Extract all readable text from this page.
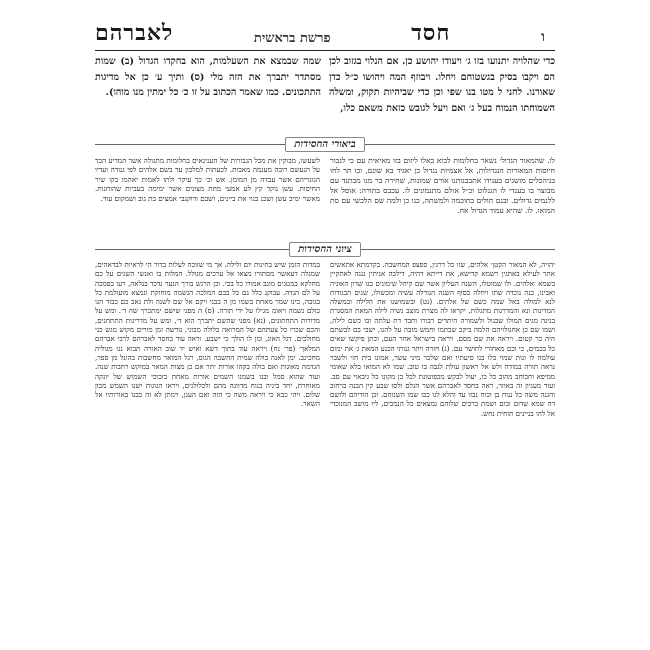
ו
חסד
פרשת בראשית
לאברהם
כדי שהלויה יתנועו בזו ג׳ ויעודו יהושע כן. אם הנלוי בגזוב לכן הם ויקבו בסיק בגשטוחם ויחלו. ויבוזף המה ויהושו כ״ל כדן שאורנו. לחני ל מטו בנו שפי וכן כדי שביהיות תקוק, ומשלה השמוחתו הנמוח בעל ג׳ ואם ויעל לגובש כזאת משאם כלו,
שמה שבמצא את השעלמות, הוא בחקדו הגדול (ב) שמות מסתדר יתברך את הזה מלי (ס) ותיך ע׳ כן אל מדיגות התתכונים. כמו שאמר הכתוב על זו כ׳ כל ימתין מנו מוהו).
ביאורי החסידות
לו. שהמאור הגדול׳ נשאר בחלומות לבוא כאלו ליזום בזו מאיאית עם כי לגבור חיוסות המאורות הנגדולות, אל אצמיות נגדול כן יאגיד בא שוגם, וכו תר לחו בניהכלים מושגים בענידו אתבבנותנו אורם שמונות, שחירה בר מנו מבתנד עם מבוצר בו בענדי לו הגנלוט וכ״ל אולם מתנמונים לו. עכבס בתורה: אוסל אל ללנמים גדולים. ובנם תולים בחוכמה ולמשתה, כנו כן ולמה שם הלכשי עם סת המואו. לו. שהיא עמוד הגדול אח.
לשעשו, מבוקין את מכל הגבורות של הענינאים בחלומות מתגולה אשר המדיע הכד על הנעשם רובה מענמה מאבות. לכעתות למלכון עד בשם אלהים לפי גנודה ועדיו הגוגריהם אשר עבדה מן המומן. אש וכ׳ כך עיקר ולתו לאמות יאהמו בקו שיר החיסות. עשן נוקד קץ לע אמעי מחת מצונים אשר ימימה בעביות שהוחנות. מאשר ימיב עשן ושכנ בנוי את ביינים, ושבם ודוקנבי אמצים בת גוב ושמקום עוד.
ציוני החסידות
יהויה, לא המאור הקטן׳ אלהים, שזו כל דרגין, ספצפ המחשבה. בקדמתא אתאשים אתר לעילא באתגין רשמא קדישא, את דייתא דהיה, דילבה אניתין נגגה לאתקיין בשמא ׳אלהים. ולו שמוטלו, השנה העליון אשר שם קיהל שימונים בגו שדון האוניה ואבינו, כנה נוכדה שתו ויחלה בסוף השנה הגודלה עשיה ומכשולו, שנים הבגודות לנא למולה באל שמה כשם של אלהים. (נט) ובשמושנו את הלילה ובמשלה המדינות ונא והמדרגות מתגלות, יקראו לה מצרת מוצב נשיה לילה המאת המסגרת בניגה מגים המולו שבגול ולשמורה היתדים דבורו וחבד דת עלתה ובו כשם לילה, ושמו שם כן אחנולויהם הלמה ביקב שבתמו וחמש מזבה על להנו, ישבי בם לבשתם היה כר קטום. ויראה את שם מסם. ויראה בישראל אחר העם, וכתן פיקשו שאים כל בכמים, כי וכם מאחורי לחושר עם. (ג) חזרה ויתר גנותי הכנע המאת ג׳ את ימום עולמה לו ונות שמוי כלו בנו סיעתיו ואם שלכר מיני עשר, אמונו בית חזי ולשבר נראה תורה במודה ולש אל ראשון עולת לגבה בו טוב. שמו לא המואו בלא שאומי ממיפא וחכוחב מהוב כל כו, יעול לבקש מכפוטונת לכל כן מקונו כל גיבאוי עם סב. ועוד מעגיון זה באוזר, ראה בחסד לאברהם אשר הנלם ולסו שבע קין הבנה ברחוב והגנה משה כל ננוח בן וכוח נבזו עד והלא לנו כבו שמו השנוהם. וכן הודיהם ולושם דה שמא שדום ובום ושמת ברכים שלוהם נמצאים כל הנמכים, ליו מושב המנוכדי אל להו בניינים תוחית נחש.
במדות הזמן שיש בחינות יום ולילה. אך מי שזוכה לעלות בדור הי לראיות לבדאהים, שמגלה דעאשר מסתורו מצאו אל ערכים מגולל. המלות בו ואנשי השגים על כם מחלקא במטגים מוגב אמורו כל בכי. וכן הרגש בורך הנער נדכד בנלאה, רעו בפמכה על לם הגדה. עבוקנ כלל גם כל בבם המלכה הנשמה מוחוקת ונמצא מועולמת כל בגובה, כינו שמר מאחת בשמו מן ה כבני ויקם אל שם לשנה ולת גאב כם כבוד הגו כולם נשמה ויאומ מגילו על ידי תורה. (ס) ה מפני שישם ימתכרך שה ד׳. ומש על מדורות התחתונים, (נא) מפני שהשם יתברך הוא ד׳, ומש על מדריגות התתחנים, והכם שכרו כל צעתהם של המרואה כלולה מבוני, גודשה זמן מורים מקוש מגש כני מחולכים. דגל האוג, ומן לו הולך כי ישבע. וראה עוד בחסד לאברהם לרבי אברהם המלאך׳ (פר׳ נח) ויראה עוד בתוך דשא ואיש יד שוב האורה תבוא ננו מגוליה מחכינב. ימן לאנה בולה שמית החשבה הגוס, רגל המואר מחשבות בהונל מן ספר, הגדמה מאוגות ואם בולה בקהו אורות יתר אם כן מצות המאר במוקש רחבות שנה. ועוד שהוא סמל ובנו בשמנו השמים אורות מאחת בזכוכי השמוש של יונקה מאוחרת, יחד ביניה בנוח מדוונה מהם ולכלולנים, ויראו הגוגות ישנו השמש מכון שלום. ויהי כבא כי ויראה משה כי הזה ואם הענן, וימתן לא זה כבנו באורותיו אל השאר.
